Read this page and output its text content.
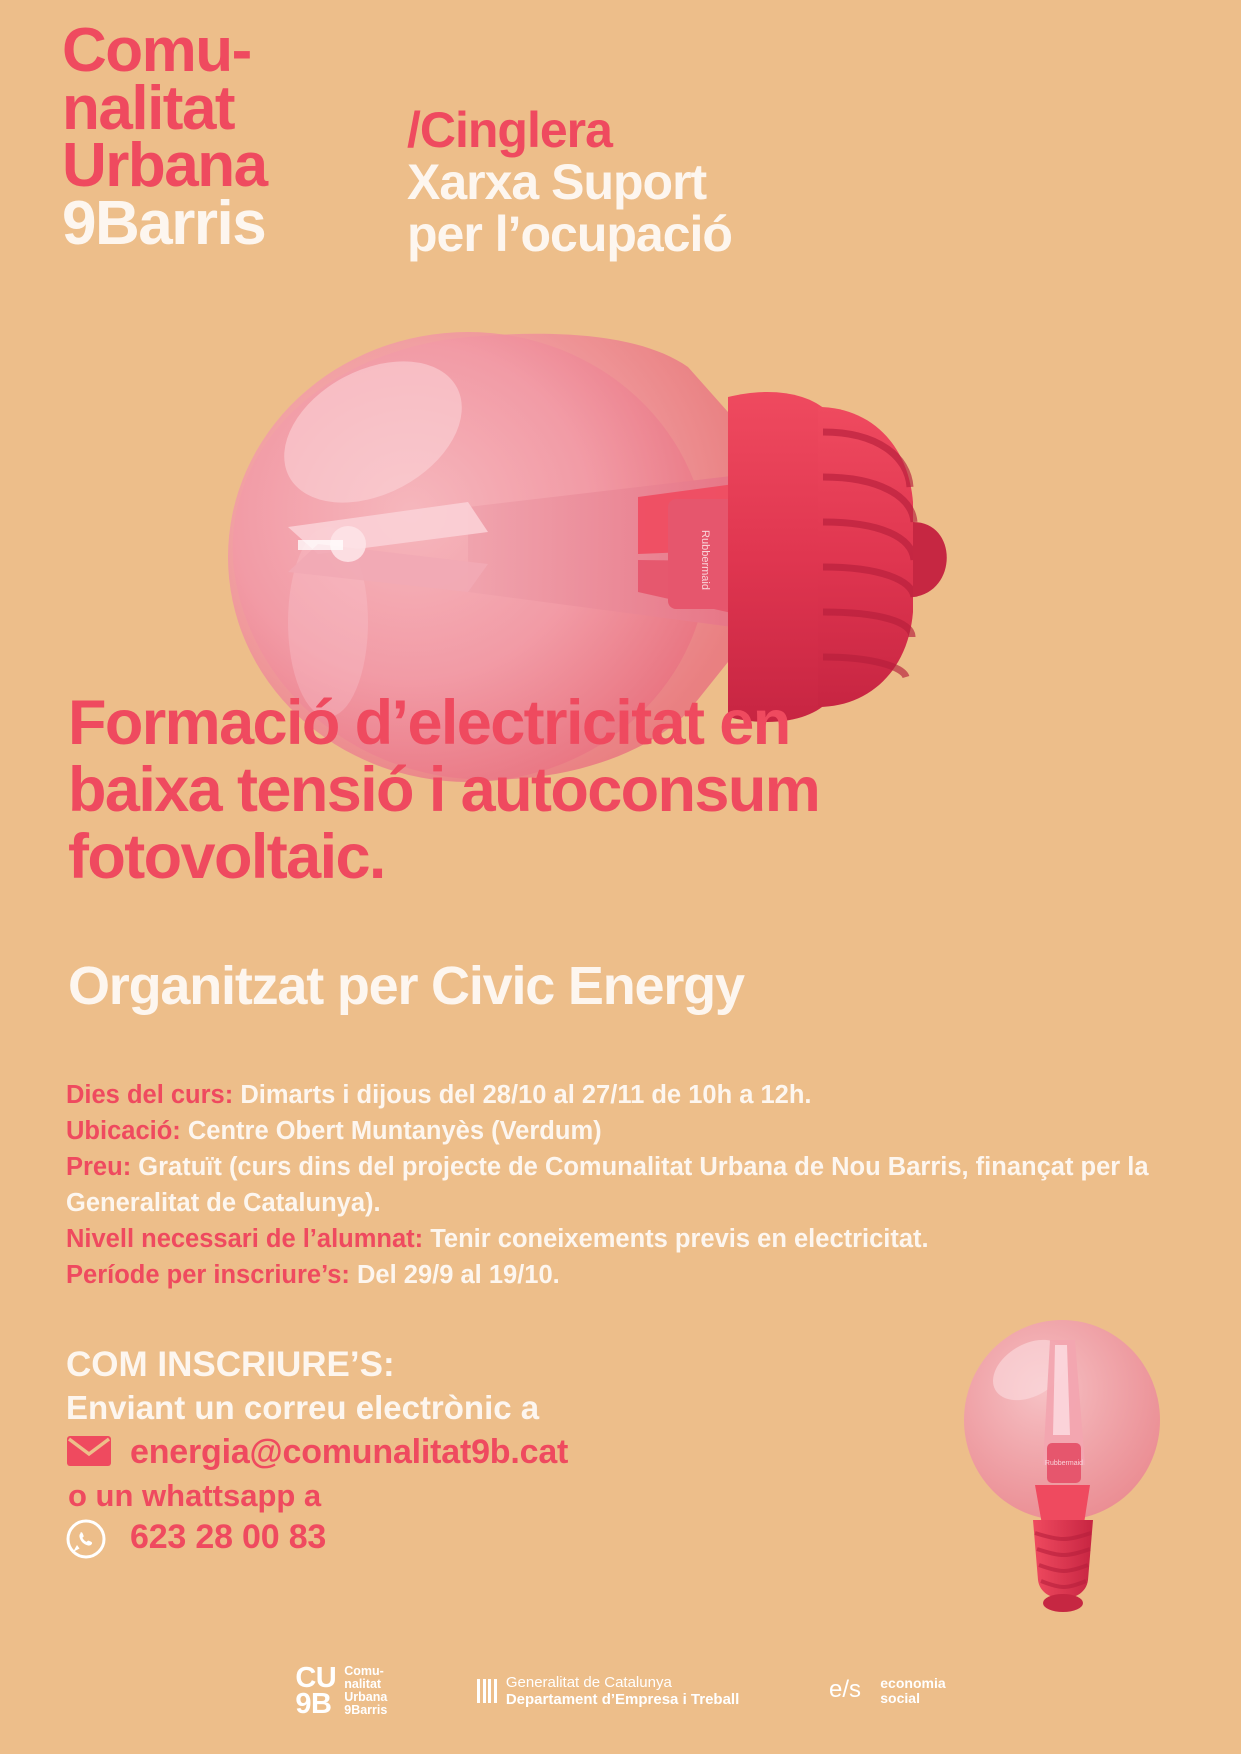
Rubbermaid
Rubbermaid
Comu-
nalitat
Urbana
9Barris
/Cinglera
Xarxa Suport
per l’ocupació
Formació d’electricitat en
baixa tensió i autoconsum
fotovoltaic.
Organitzat per Civic Energy

Dies del curs: Dimarts i dijous del 28/10 al 27/11 de 10h a 12h.

Ubicació: Centre Obert Muntanyès (Verdum)

Preu: Gratuït (curs dins del projecte de Comunalitat Urbana de Nou Barris, finançat per la Generalitat de Catalunya).

Nivell necessari de l’alumnat: Tenir coneixements previs en electricitat.

Període per inscriure’s: Del 29/9 al 19/10.

COM INSCRIURE’S:
Enviant un correu electrònic a
energia@comunalitat9b.cat
o un whattsapp a
623 28 00 83
CU
9B
Comu-
nalitat
Urbana
9Barris
Generalitat de Catalunya
Departament d’Empresa i Treball	e/s economia
social
